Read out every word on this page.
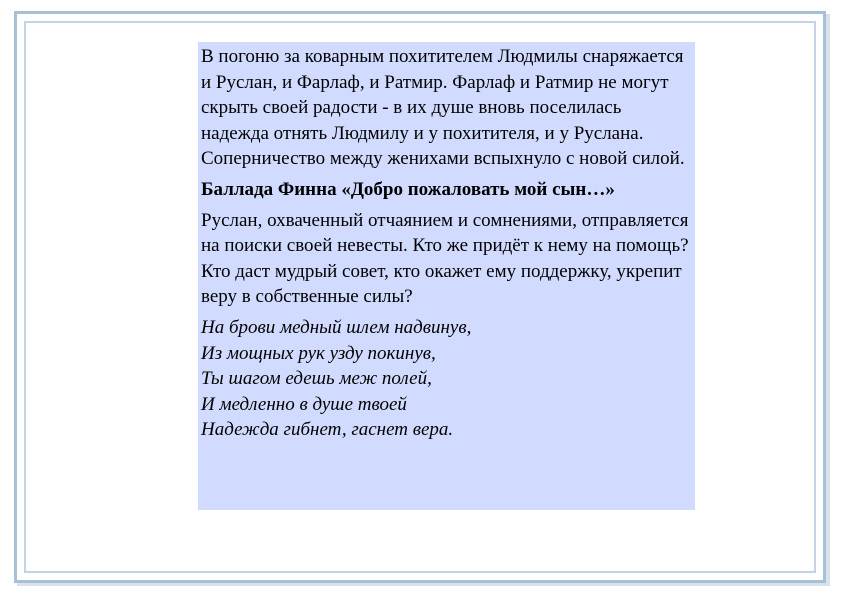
В погоню за коварным похитителем Людмилы снаряжается и Руслан, и Фарлаф, и Ратмир. Фарлаф и Ратмир не могут скрыть своей радости - в их душе вновь поселилась надежда отнять Людмилу и у похитителя, и у Руслана. Соперничество между женихами вспыхнуло с новой силой.

Баллада Финна «Добро пожаловать мой сын…»

Руслан, охваченный отчаянием и сомнениями, отправляется на поиски своей невесты. Кто же придёт к нему на помощь? Кто даст мудрый совет, кто окажет ему поддержку, укрепит веру в собственные силы?

На брови медный шлем надвинув,
Из мощных рук узду покинув,
Ты шагом едешь меж полей,
И медленно в душе твоей
Надежда гибнет, гаснет вера.
